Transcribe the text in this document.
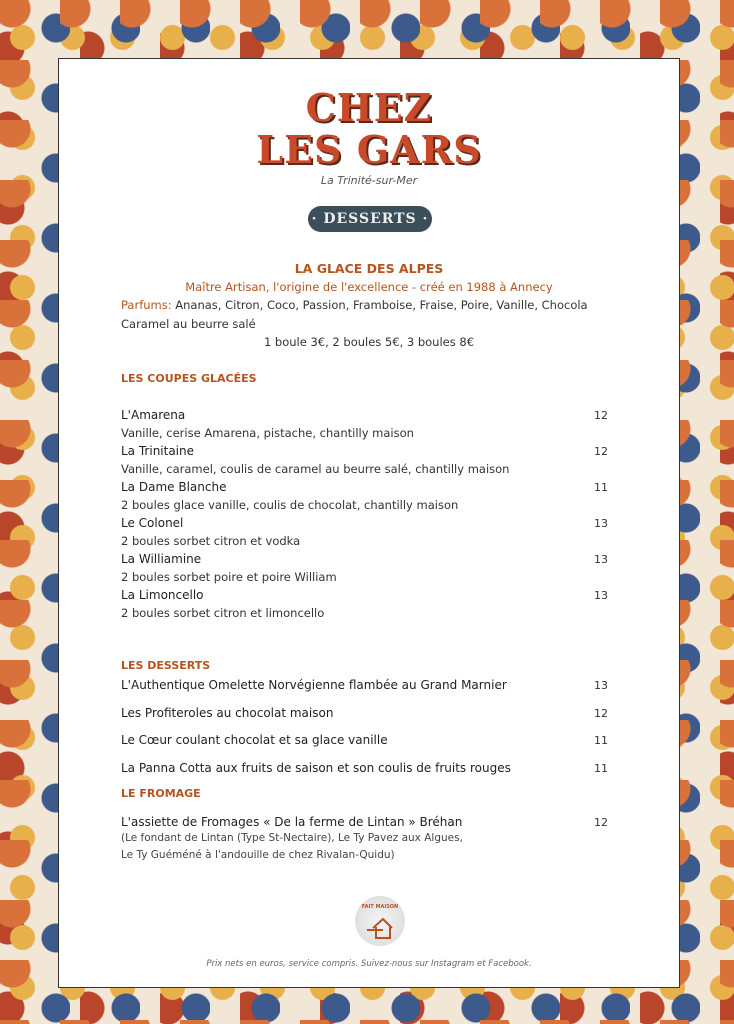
CHEZ
LES GARS
La Trinité-sur-Mer
· DESSERTS ·
LA GLACE DES ALPES
Maître Artisan, l'origine de l'excellence - créé en 1988 à Annecy
Parfums: Ananas, Citron, Coco, Passion, Framboise, Fraise, Poire, Vanille, Chocola
Caramel au beurre salé
1 boule 3€, 2 boules 5€, 3 boules 8€
LES COUPES GLACÉES
LES DESSERTS
LE FROMAGE
L'assiette de Fromages « De la ferme de Lintan » Bréhan	12
(Le fondant de Lintan (Type St-Nectaire), Le Ty Pavez aux Algues,
Le Ty Guéméné à l'andouille de chez Rivalan-Quidu)
FAIT MAISON
Prix nets en euros, service compris. Suivez-nous sur Instagram et Facebook.
L'Amarena	12
Vanille, cerise Amarena, pistache, chantilly maison
La Trinitaine	12
Vanille, caramel, coulis de caramel au beurre salé, chantilly maison
La Dame Blanche	11
2 boules glace vanille, coulis de chocolat, chantilly maison
Le Colonel	13
2 boules sorbet citron et vodka
La Williamine	13
2 boules sorbet poire et poire William
La Limoncello	13
2 boules sorbet citron et limoncello
L'Authentique Omelette Norvégienne flambée au Grand Marnier	13
Les Profiteroles au chocolat maison	12
Le Cœur coulant chocolat et sa glace vanille	11
La Panna Cotta aux fruits de saison et son coulis de fruits rouges	11
